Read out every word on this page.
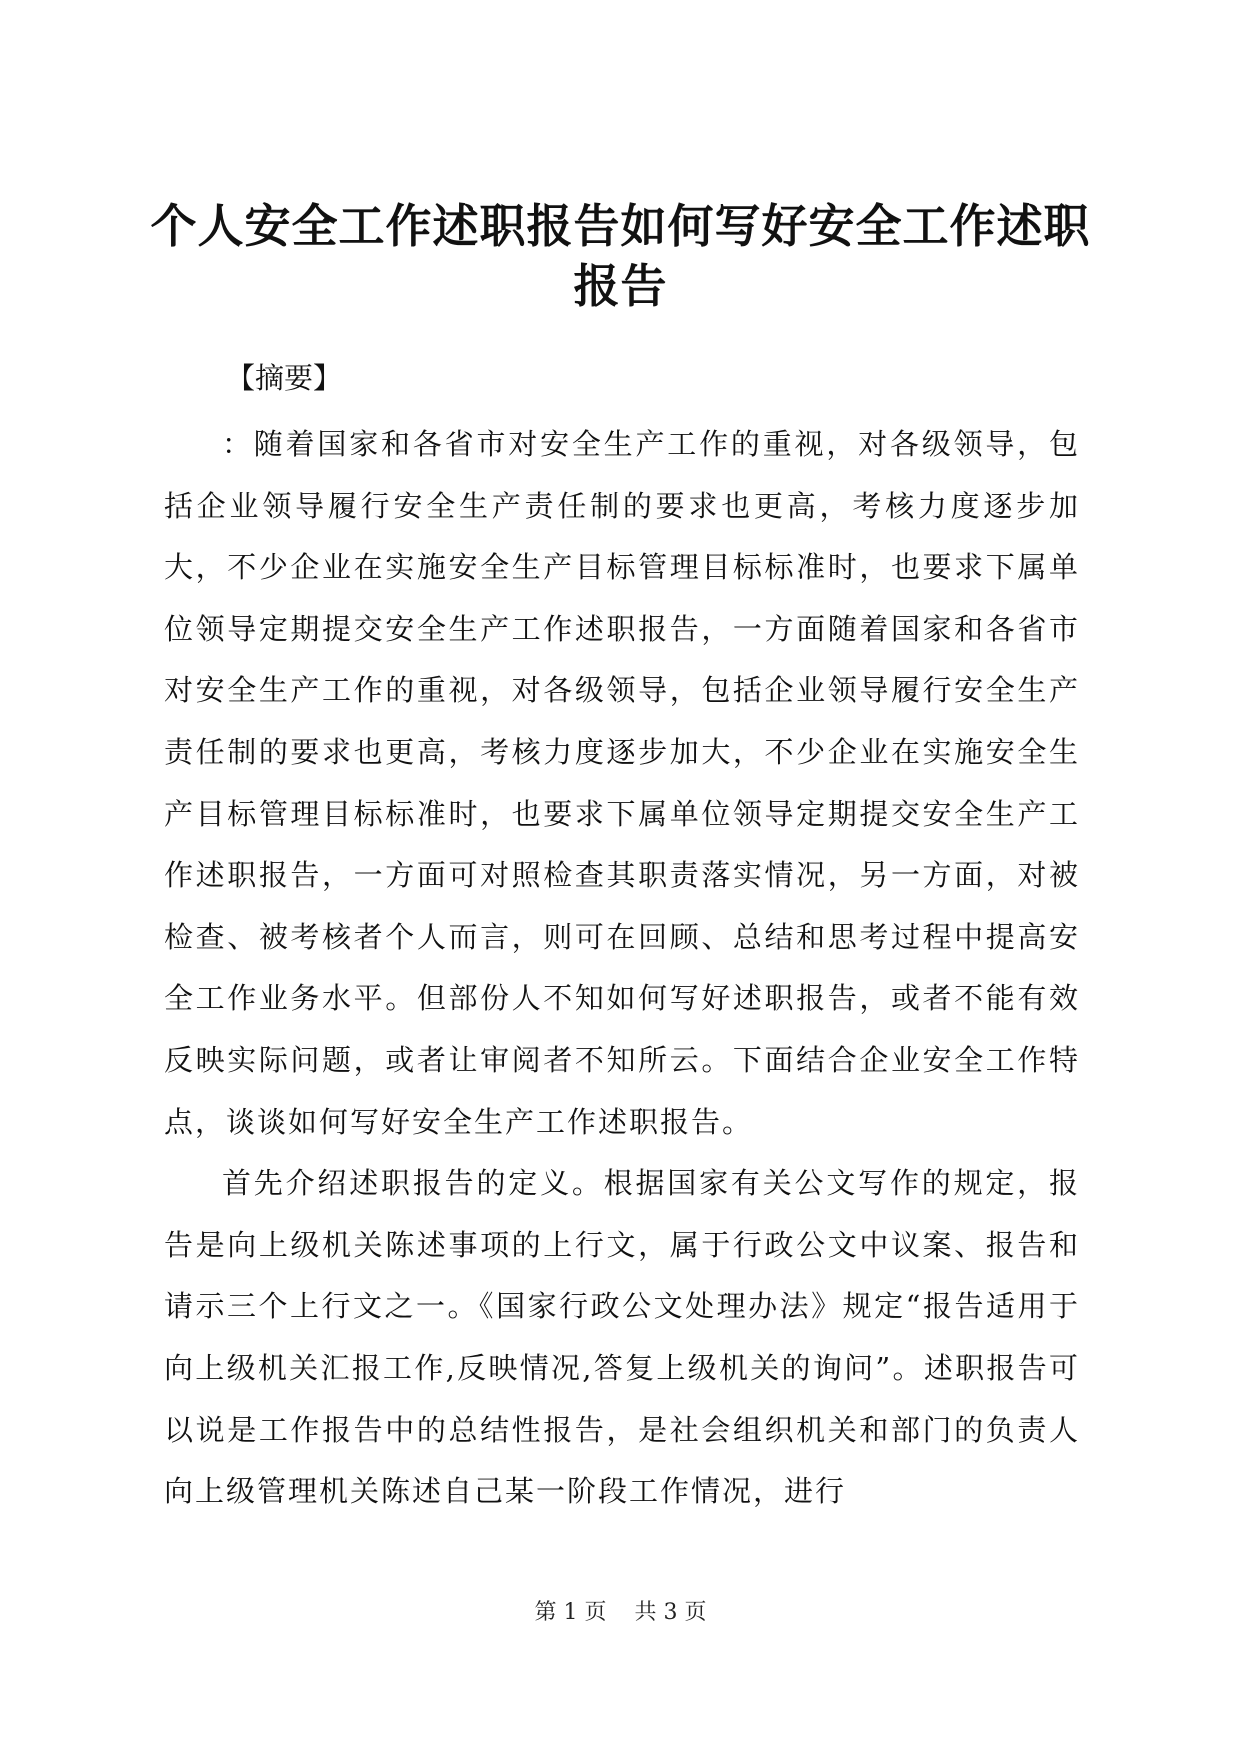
个人安全工作述职报告如何写好安全工作述职报告
【摘要】

：随着国家和各省市对安全生产工作的重视，对各级领导，包括企业领导履行安全生产责任制的要求也更高，考核力度逐步加大，不少企业在实施安全生产目标管理目标标准时，也要求下属单位领导定期提交安全生产工作述职报告，一方面随着国家和各省市对安全生产工作的重视，对各级领导，包括企业领导履行安全生产责任制的要求也更高，考核力度逐步加大，不少企业在实施安全生产目标管理目标标准时，也要求下属单位领导定期提交安全生产工作述职报告，一方面可对照检查其职责落实情况，另一方面，对被检查、被考核者个人而言，则可在回顾、总结和思考过程中提高安全工作业务水平。但部份人不知如何写好述职报告，或者不能有效反映实际问题，或者让审阅者不知所云。下面结合企业安全工作特点，谈谈如何写好安全生产工作述职报告。

首先介绍述职报告的定义。根据国家有关公文写作的规定，报告是向上级机关陈述事项的上行文，属于行政公文中议案、报告和请示三个上行文之一。《国家行政公文处理办法》规定“报告适用于向上级机关汇报工作,反映情况,答复上级机关的询问”。述职报告可以说是工作报告中的总结性报告，是社会组织机关和部门的负责人向上级管理机关陈述自己某一阶段工作情况，进行

第 1 页 共 3 页
